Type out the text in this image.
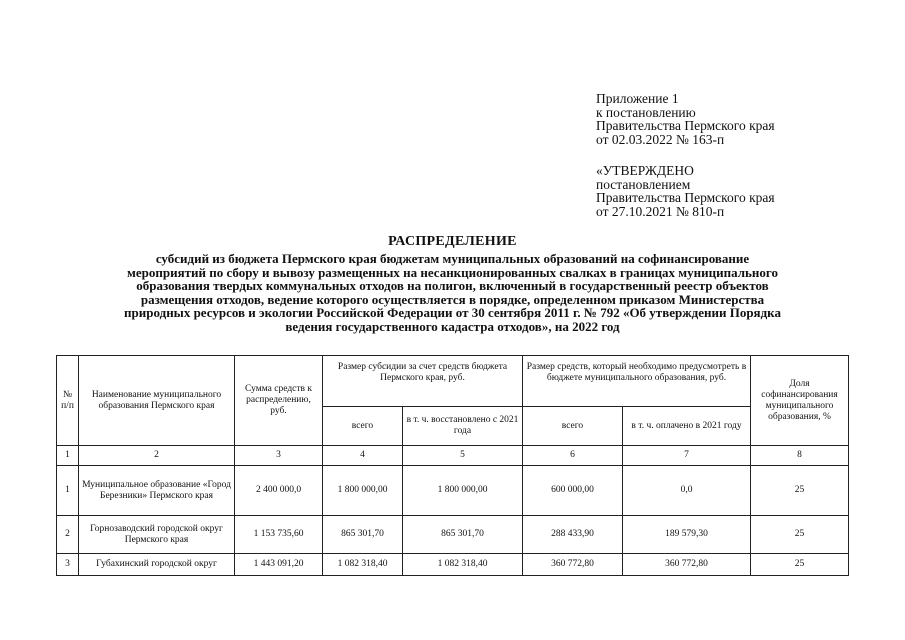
Приложение 1
к постановлению
Правительства Пермского края
от 02.03.2022 № 163-п
«УТВЕРЖДЕНО
постановлением
Правительства Пермского края
от 27.10.2021 № 810-п
РАСПРЕДЕЛЕНИЕ
субсидий из бюджета Пермского края бюджетам муниципальных образований на софинансирование
мероприятий по сбору и вывозу размещенных на несанкционированных свалках в границах муниципального
образования твердых коммунальных отходов на полигон, включенный в государственный реестр объектов
размещения отходов, ведение которого осуществляется в порядке, определенном приказом Министерства
природных ресурсов и экологии Российской Федерации от 30 сентября 2011 г. № 792 «Об утверждении Порядка
ведения государственного кадастра отходов», на 2022 год
№ п/п	Наименование муниципального образования Пермского края	Сумма средств к распределению, руб.	Размер субсидии за счет средств бюджета Пермского края, руб.		Размер средств, который необходимо предусмотреть в бюджете муниципального образования, руб.		Доля софинансирования муниципального образования, %
			всего	в т. ч. восстановлено с 2021 года	всего	в т. ч. оплачено в 2021 году	
1	2	3	4	5	6	7	8
1	Муниципальное образование «Город Березники» Пермского края	2 400 000,0	1 800 000,00	1 800 000,00	600 000,00	0,0	25
2	Горнозаводский городской округ Пермского края	1 153 735,60	865 301,70	865 301,70	288 433,90	189 579,30	25
3	Губахинский городской округ	1 443 091,20	1 082 318,40	1 082 318,40	360 772,80	360 772,80	25
